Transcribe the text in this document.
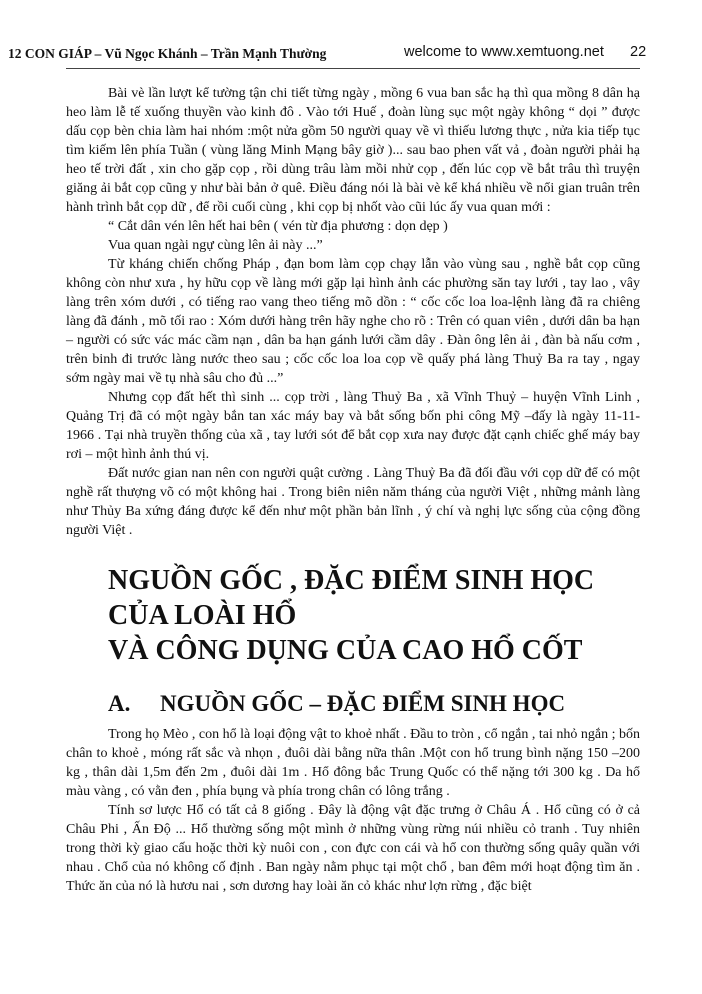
12 CON GIÁP – Vũ Ngọc Khánh – Trần Mạnh Thường	welcome to www.xemtuong.net 22

Bài vè lần lượt kể tường tận chi tiết từng ngày , mồng 6 vua ban sắc hạ thì qua mồng 8 dân hạ heo làm lễ tế xuống thuyền vào kinh đô . Vào tới Huế , đoàn lùng sục một ngày không “ dọi ” được dấu cọp bèn chia làm hai nhóm :một nửa gồm 50 người quay về vì thiếu lương thực , nửa kia tiếp tục tìm kiếm lên phía Tuần ( vùng lăng Minh Mạng bây giờ )... sau bao phen vất vả , đoàn người phải hạ heo tế trời đất , xin cho gặp cọp , rồi dùng trâu làm mồi nhử cọp , đến lúc cọp về bắt trâu thì truyện giăng ải bắt cọp cũng y như bài bản ở quê. Điều đáng nói là bài vè kể khá nhiều về nổi gian truân trên hành trình bắt cọp dữ , để rồi cuối cùng , khi cọp bị nhốt vào cũi lúc ấy vua quan mới :

“ Cắt dân vén lên hết hai bên ( vén từ địa phương : dọn dẹp )

Vua quan ngài ngự cùng lên ải này ...”

Từ kháng chiến chống Pháp , đạn bom làm cọp chạy lẫn vào vùng sau , nghề bắt cọp cũng không còn như xưa , hy hữu cọp về làng mới gặp lại hình ảnh các phường săn tay lưới , tay lao , vây làng trên xóm dưới , có tiếng rao vang theo tiếng mõ dồn : “ cốc cốc loa loa-lệnh làng đã ra chiêng làng đã đánh , mõ tối rao : Xóm dưới hàng trên hãy nghe cho rõ : Trên có quan viên , dưới dân ba hạn – người có sức vác mác cầm nạn , dân ba hạn gánh lưới cầm dây . Đàn ông lên ải , đàn bà nấu cơm , trên binh đi trước làng nước theo sau ; cốc cốc loa loa cọp về quấy phá làng Thuỷ Ba ra tay , ngay sớm ngày mai về tụ nhà sâu cho đủ ...”

Nhưng cọp đất hết thì sinh ... cọp trời , làng Thuỷ Ba , xã Vĩnh Thuỷ – huyện Vĩnh Linh , Quảng Trị đã có một ngày bắn tan xác máy bay và bắt sống bốn phi công Mỹ –đấy là ngày 11-11-1966 . Tại nhà truyền thống của xã , tay lưới sót để bắt cọp xưa nay được đặt cạnh chiếc ghế máy bay rơi – một hình ảnh thú vị.

Đất nước gian nan nên con người quật cường . Làng Thuỷ Ba đã đối đầu với cọp dữ để có một nghề rất thượng võ có một không hai . Trong biên niên năm tháng của người Việt , những mảnh làng như Thủy Ba xứng đáng được kể đến như một phần bản lĩnh , ý chí và nghị lực sống của cộng đồng người Việt .

NGUỒN GỐC , ĐẶC ĐIỂM SINH HỌC
CỦA LOÀI HỔ
VÀ CÔNG DỤNG CỦA CAO HỔ CỐT
A. NGUỒN GỐC – ĐẶC ĐIỂM SINH HỌC

Trong họ Mèo , con hổ là loại động vật to khoẻ nhất . Đầu to tròn , cổ ngắn , tai nhỏ ngắn ; bốn chân to khoẻ , móng rất sắc và nhọn , đuôi dài bằng nữa thân .Một con hổ trung bình nặng 150 –200 kg , thân dài 1,5m đến 2m , đuôi dài 1m . Hổ đông bắc Trung Quốc có thể nặng tới 300 kg . Da hổ màu vàng , có vằn đen , phía bụng và phía trong chân có lông trắng .

Tính sơ lược Hổ có tất cả 8 giống . Đây là động vật đặc trưng ở Châu Á . Hổ cũng có ở cả Châu Phi , Ấn Độ ... Hổ thường sống một mình ở những vùng rừng núi nhiều cỏ tranh . Tuy nhiên trong thời kỳ giao cấu hoặc thời kỳ nuôi con , con đực con cái và hổ con thường sống quây quần với nhau . Chổ của nó không cố định . Ban ngày nằm phục tại một chổ , ban đêm mới hoạt động tìm ăn . Thức ăn của nó là hươu nai , sơn dương hay loài ăn cỏ khác như lợn rừng , đặc biệt
